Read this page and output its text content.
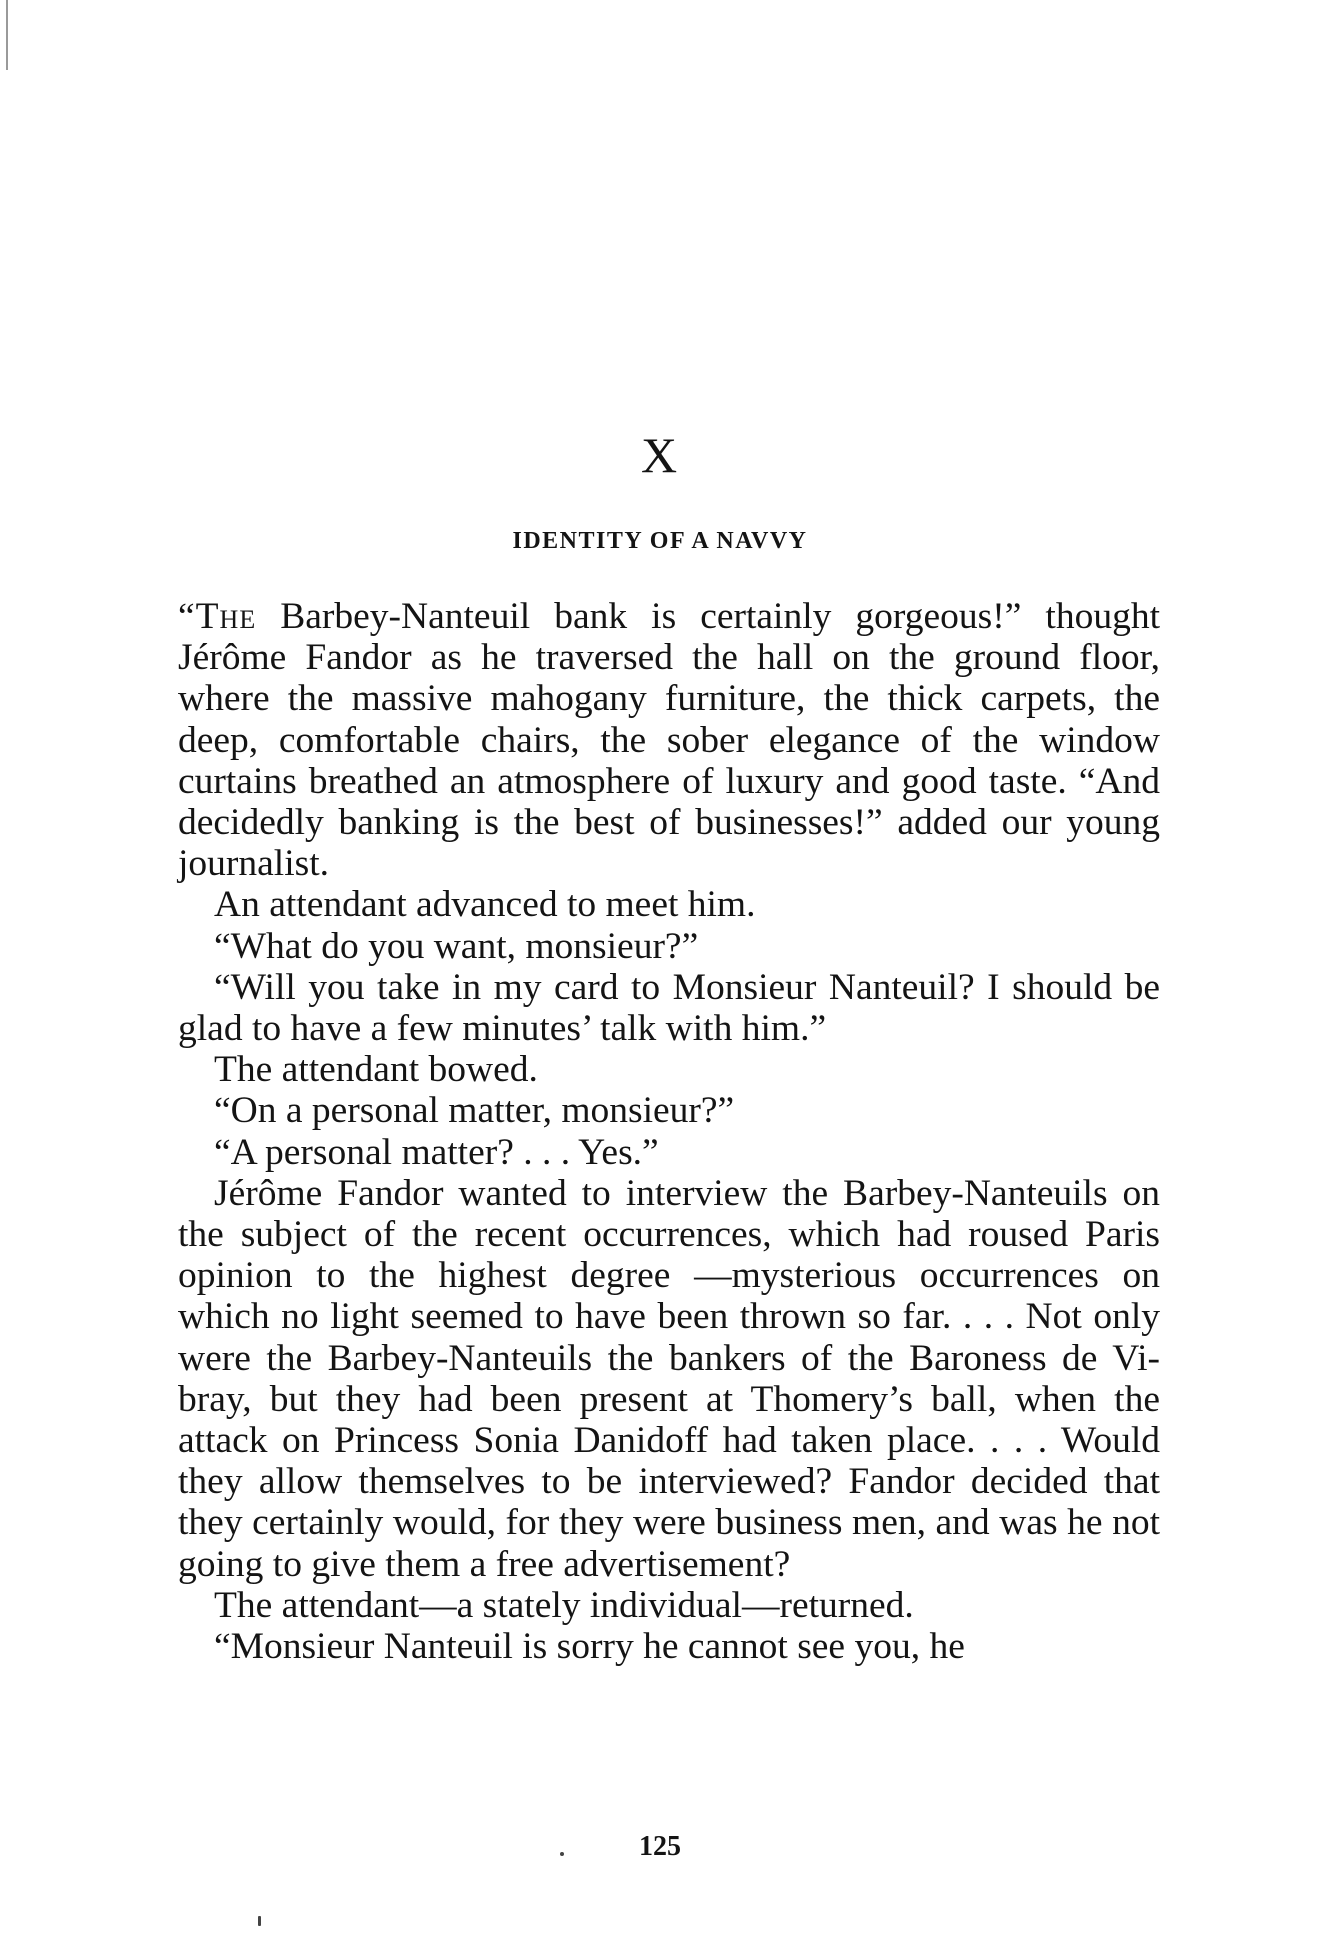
X
IDENTITY OF A NAVVY

“The Barbey-Nanteuil bank is certainly gorgeous!” thought Jérôme Fandor as he traversed the hall on the ground floor, where the massive mahogany furniture, the thick carpets, the deep, comfortable chairs, the sober elegance of the window curtains breathed an atmosphere of luxury and good taste. “And decidedly banking is the best of businesses!” added our young journalist.

An attendant advanced to meet him.

“What do you want, monsieur?”

“Will you take in my card to Monsieur Nanteuil? I should be glad to have a few minutes’ talk with him.”

The attendant bowed.

“On a personal matter, monsieur?”

“A personal matter? . . . Yes.”

Jérôme Fandor wanted to interview the Barbey-Nanteuils on the subject of the recent occurrences, which had roused Paris opinion to the highest degree —mysterious occurrences on which no light seemed to have been thrown so far. . . . Not only were the Barbey-Nanteuils the bankers of the Baroness de Vibray, but they had been present at Thomery’s ball, when the attack on Princess Sonia Danidoff had taken place. . . . Would they allow themselves to be interviewed? Fandor decided that they certainly would, for they were business men, and was he not going to give them a free advertisement?

The attendant—a stately individual—returned.

“Monsieur Nanteuil is sorry he cannot see you, he

125
